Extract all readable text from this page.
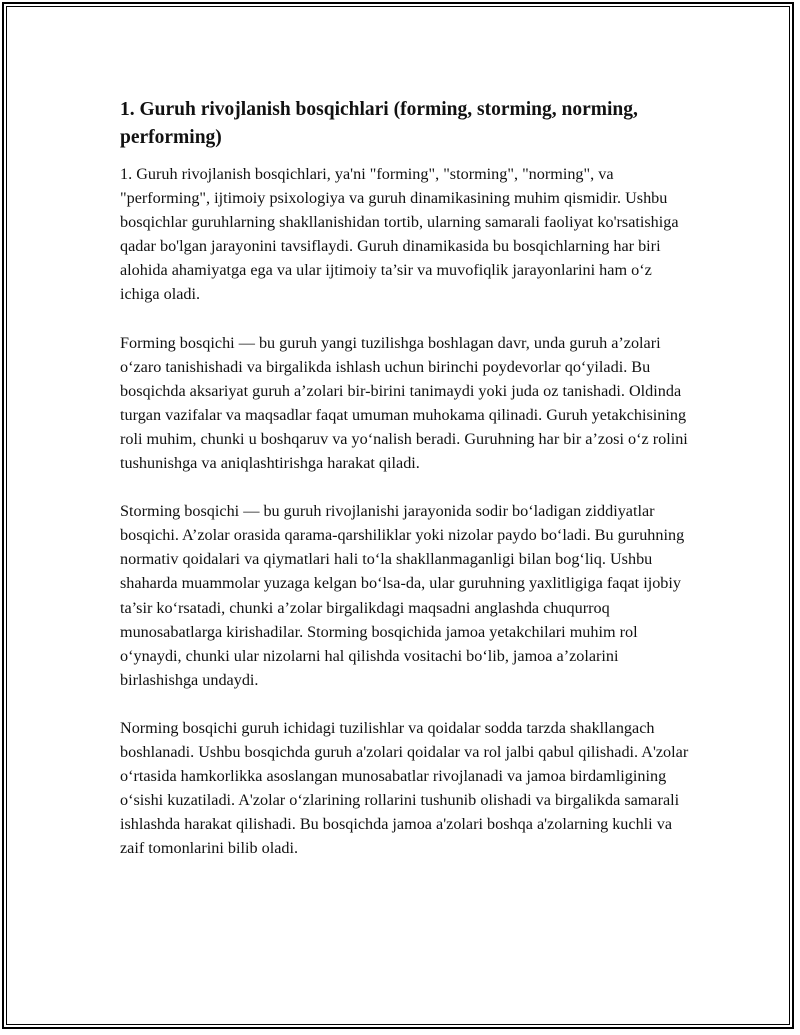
1. Guruh rivojlanish bosqichlari (forming, storming, norming, performing)

1. Guruh rivojlanish bosqichlari, ya'ni "forming", "storming", "norming", va "performing", ijtimoiy psixologiya va guruh dinamikasining muhim qismidir. Ushbu bosqichlar guruhlarning shakllanishidan tortib, ularning samarali faoliyat ko'rsatishiga qadar bo'lgan jarayonini tavsiflaydi. Guruh dinamikasida bu bosqichlarning har biri alohida ahamiyatga ega va ular ijtimoiy ta’sir va muvofiqlik jarayonlarini ham o‘z ichiga oladi.

Forming bosqichi — bu guruh yangi tuzilishga boshlagan davr, unda guruh a’zolari o‘zaro tanishishadi va birgalikda ishlash uchun birinchi poydevorlar qo‘yiladi. Bu bosqichda aksariyat guruh a’zolari bir-birini tanimaydi yoki juda oz tanishadi. Oldinda turgan vazifalar va maqsadlar faqat umuman muhokama qilinadi. Guruh yetakchisining roli muhim, chunki u boshqaruv va yo‘nalish beradi. Guruhning har bir a’zosi o‘z rolini tushunishga va aniqlashtirishga harakat qiladi.

Storming bosqichi — bu guruh rivojlanishi jarayonida sodir bo‘ladigan ziddiyatlar bosqichi. A’zolar orasida qarama-qarshiliklar yoki nizolar paydo bo‘ladi. Bu guruhning normativ qoidalari va qiymatlari hali to‘la shakllanmaganligi bilan bog‘liq. Ushbu shaharda muammolar yuzaga kelgan bo‘lsa-da, ular guruhning yaxlitligiga faqat ijobiy ta’sir ko‘rsatadi, chunki a’zolar birgalikdagi maqsadni anglashda chuqurroq munosabatlarga kirishadilar. Storming bosqichida jamoa yetakchilari muhim rol o‘ynaydi, chunki ular nizolarni hal qilishda vositachi bo‘lib, jamoa a’zolarini birlashishga undaydi.

Norming bosqichi guruh ichidagi tuzilishlar va qoidalar sodda tarzda shakllangach boshlanadi. Ushbu bosqichda guruh a'zolari qoidalar va rol jalbi qabul qilishadi. A'zolar o‘rtasida hamkorlikka asoslangan munosabatlar rivojlanadi va jamoa birdamligining o‘sishi kuzatiladi. A'zolar o‘zlarining rollarini tushunib olishadi va birgalikda samarali ishlashda harakat qilishadi. Bu bosqichda jamoa a'zolari boshqa a'zolarning kuchli va zaif tomonlarini bilib oladi.
